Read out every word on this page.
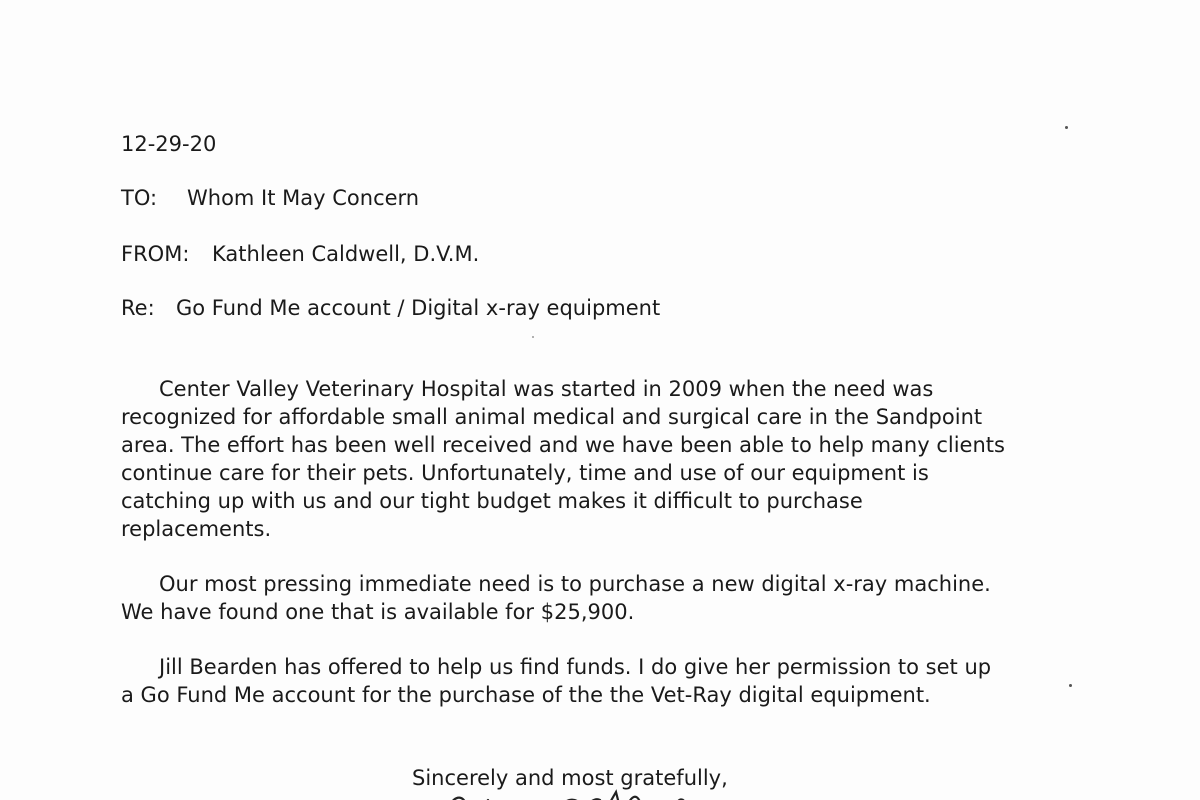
12-29-20
TO: Whom It May Concern
FROM: Kathleen Caldwell, D.V.M.
Re: Go Fund Me account / Digital x-ray equipment
Center Valley Veterinary Hospital was started in 2009 when the need was
recognized for affordable small animal medical and surgical care in the Sandpoint
area. The effort has been well received and we have been able to help many clients
continue care for their pets. Unfortunately, time and use of our equipment is
catching up with us and our tight budget makes it difficult to purchase
replacements.
Our most pressing immediate need is to purchase a new digital x-ray machine.
We have found one that is available for $25,900.
Jill Bearden has offered to help us find funds. I do give her permission to set up
a Go Fund Me account for the purchase of the the Vet-Ray digital equipment.
Sincerely and most gratefully,
